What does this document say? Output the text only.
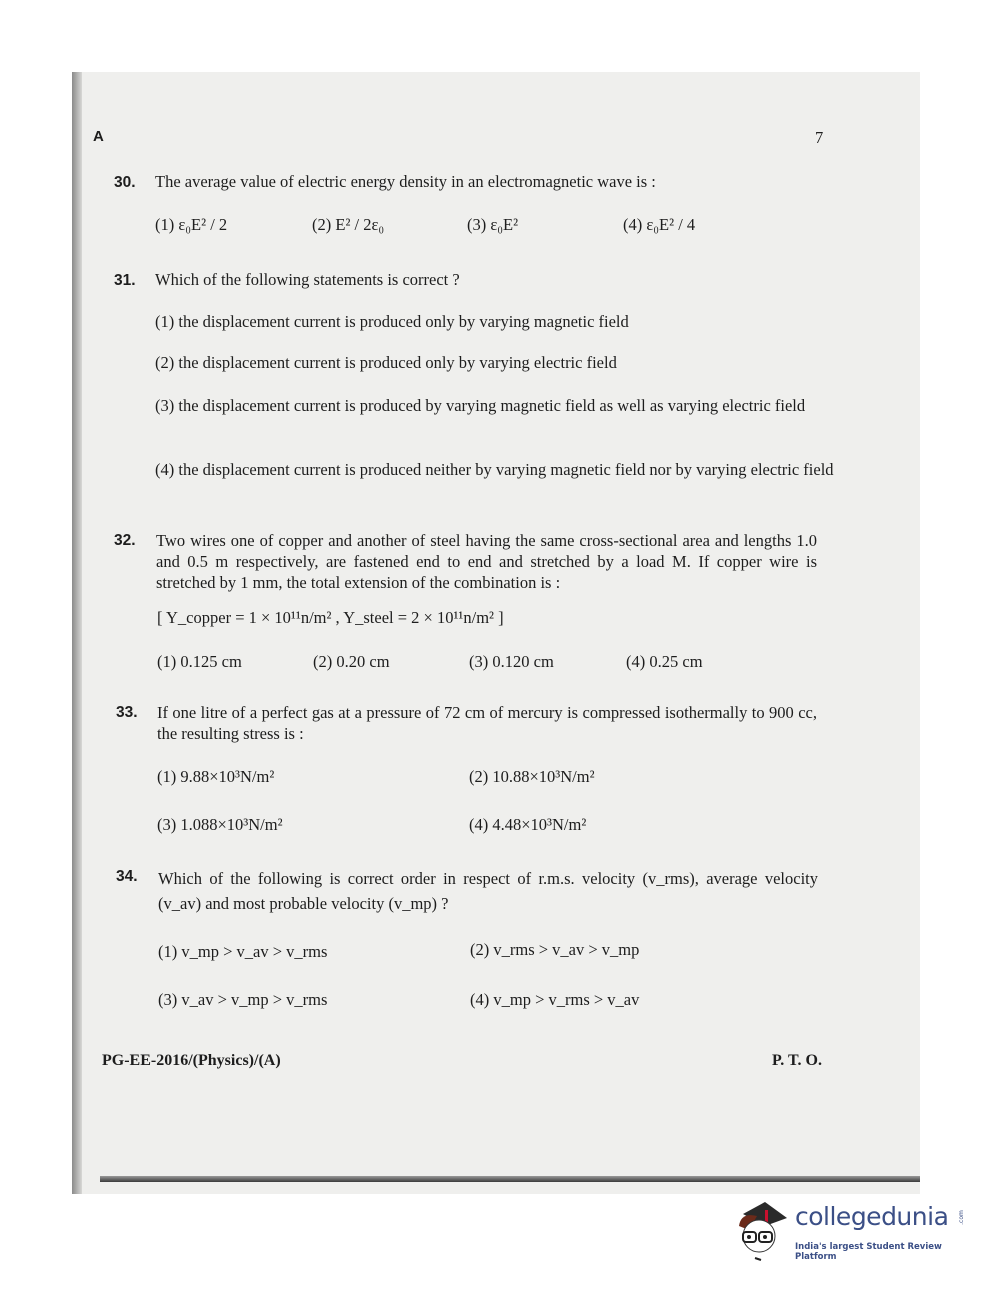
A	7
30. The average value of electric energy density in an electromagnetic wave is :
(1) ε₀E² / 2	(2) E² / 2ε₀	(3) ε₀E²	(4) ε₀E² / 4
31. Which of the following statements is correct ?
(1) the displacement current is produced only by varying magnetic field
(2) the displacement current is produced only by varying electric field
(3) the displacement current is produced by varying magnetic field as well as varying electric field
(4) the displacement current is produced neither by varying magnetic field nor by varying electric field
32. Two wires one of copper and another of steel having the same cross-sectional area and lengths 1.0 and 0.5 m respectively, are fastened end to end and stretched by a load M. If copper wire is stretched by 1 mm, the total extension of the combination is :
[ Y_copper = 1 × 10¹¹n/m² , Y_steel = 2 × 10¹¹n/m² ]
(1) 0.125 cm	(2) 0.20 cm	(3) 0.120 cm	(4) 0.25 cm
33. If one litre of a perfect gas at a pressure of 72 cm of mercury is compressed isothermally to 900 cc, the resulting stress is :
(1) 9.88×10³N/m²	(2) 10.88×10³N/m²
(3) 1.088×10³N/m²	(4) 4.48×10³N/m²
34. Which of the following is correct order in respect of r.m.s. velocity (v_rms), average velocity (v_av) and most probable velocity (v_mp) ?
(1) v_mp > v_av > v_rms	(2) v_rms > v_av > v_mp
(3) v_av > v_mp > v_rms	(4) v_mp > v_rms > v_av
PG-EE-2016/(Physics)/(A)	P. T. O.
collegedunia .com
India's largest Student Review Platform
